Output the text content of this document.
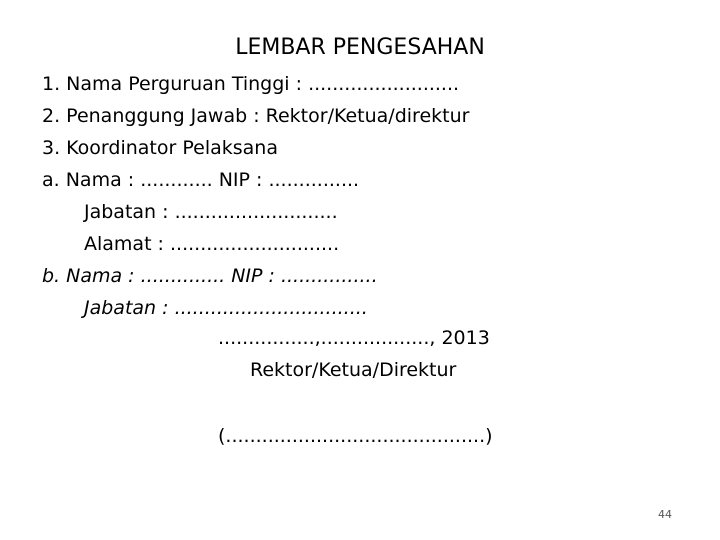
LEMBAR PENGESAHAN
1. Nama Perguruan Tinggi : .........................
2. Penanggung Jawab : Rektor/Ketua/direktur
3. Koordinator Pelaksana
a. Nama : ............ NIP : ...............
Jabatan : ...........................
Alamat : ............................
b. Nama : .............. NIP : ................
Jabatan : ................................
................,.................., 2013
Rektor/Ketua/Direktur
(...........................................)
44
